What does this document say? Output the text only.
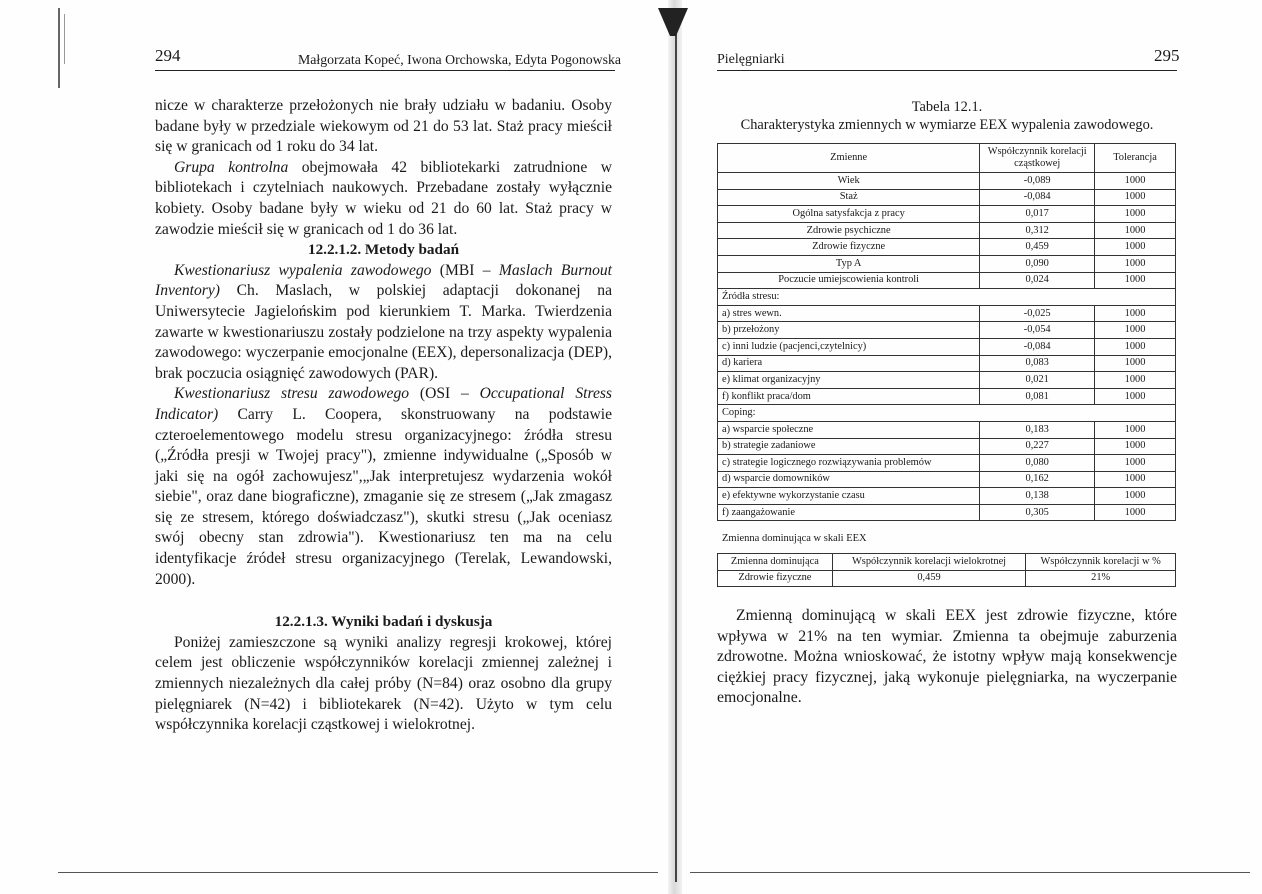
294	Małgorzata Kopeć, Iwona Orchowska, Edyta Pogonowska

nicze w charakterze przełożonych nie brały udziału w badaniu. Osoby badane były w przedziale wiekowym od 21 do 53 lat. Staż pracy mieścił się w granicach od 1 roku do 34 lat.

Grupa kontrolna obejmowała 42 bibliotekarki zatrudnione w bibliotekach i czytelniach naukowych. Przebadane zostały wyłącznie kobiety. Osoby badane były w wieku od 21 do 60 lat. Staż pracy w zawodzie mieścił się w granicach od 1 do 36 lat.

12.2.1.2. Metody badań

Kwestionariusz wypalenia zawodowego (MBI – Maslach Burnout Inventory) Ch. Maslach, w polskiej adaptacji dokonanej na Uniwersytecie Jagielońskim pod kierunkiem T. Marka. Twierdzenia zawarte w kwestionariuszu zostały podzielone na trzy aspekty wypalenia zawodowego: wyczerpanie emocjonalne (EEX), depersonalizacja (DEP), brak poczucia osiągnięć zawodowych (PAR).

Kwestionariusz stresu zawodowego (OSI – Occupational Stress Indicator) Carry L. Coopera, skonstruowany na podstawie czteroelementowego modelu stresu organizacyjnego: źródła stresu („Źródła presji w Twojej pracy"), zmienne indywidualne („Sposób w jaki się na ogół zachowujesz",„Jak interpretujesz wydarzenia wokół siebie", oraz dane biograficzne), zmaganie się ze stresem („Jak zmagasz się ze stresem, którego doświadczasz"), skutki stresu („Jak oceniasz swój obecny stan zdrowia"). Kwestionariusz ten ma na celu identyfikacje źródeł stresu organizacyjnego (Terelak, Lewandowski, 2000).

12.2.1.3. Wyniki badań i dyskusja

Poniżej zamieszczone są wyniki analizy regresji krokowej, której celem jest obliczenie współczynników korelacji zmiennej zależnej i zmiennych niezależnych dla całej próby (N=84) oraz osobno dla grupy pielęgniarek (N=42) i bibliotekarek (N=42). Użyto w tym celu współczynnika korelacji cząstkowej i wielokrotnej.

Pielęgniarki	295
Tabela 12.1.
Charakterystyka zmiennych w wymiarze EEX wypalenia zawodowego.
Zmienne	Współczynnik korelacji cząstkowej	Tolerancja
Wiek	-0,089	1000
Staż	-0,084	1000
Ogólna satysfakcja z pracy	0,017	1000
Zdrowie psychiczne	0,312	1000
Zdrowie fizyczne	0,459	1000
Typ A	0,090	1000
Poczucie umiejscowienia kontroli	0,024	1000
Źródła stresu:		
a) stres wewn.	-0,025	1000
b) przełożony	-0,054	1000
c) inni ludzie (pacjenci,czytelnicy)	-0,084	1000
d) kariera	0,083	1000
e) klimat organizacyjny	0,021	1000
f) konflikt praca/dom	0,081	1000
Coping:		
a) wsparcie społeczne	0,183	1000
b) strategie zadaniowe	0,227	1000
c) strategie logicznego rozwiązywania problemów	0,080	1000
d) wsparcie domowników	0,162	1000
e) efektywne wykorzystanie czasu	0,138	1000
f) zaangażowanie	0,305	1000
Zmienna dominująca w skali EEX
Zmienna dominująca	Współczynnik korelacji wielokrotnej	Współczynnik korelacji w %
Zdrowie fizyczne	0,459	21%

Zmienną dominującą w skali EEX jest zdrowie fizyczne, które wpływa w 21% na ten wymiar. Zmienna ta obejmuje zaburzenia zdrowotne. Można wnioskować, że istotny wpływ mają konsekwencje ciężkiej pracy fizycznej, jaką wykonuje pielęgniarka, na wyczerpanie emocjonalne.
